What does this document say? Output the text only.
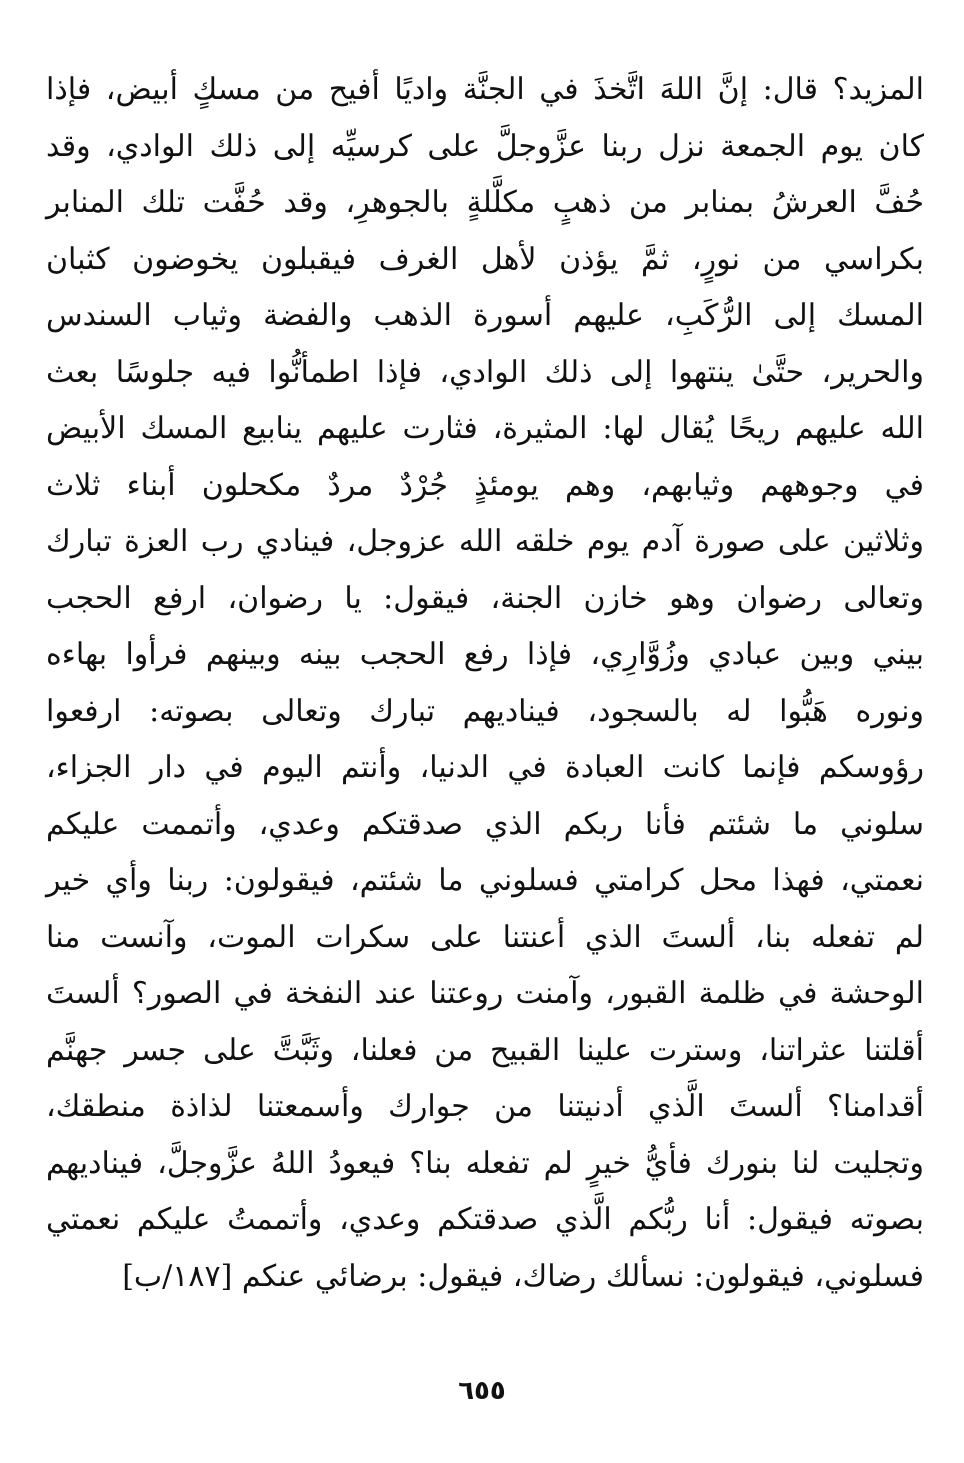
المزيد؟ قال: إنَّ اللهَ اتَّخذَ في الجنَّة واديًا أفيح من مسكٍ أبيض، فإذا
كان يوم الجمعة نزل ربنا عزَّوجلَّ على كرسيِّه إلى ذلك الوادي، وقد
حُفَّ العرشُ بمنابر من ذهبٍ مكلَّلةٍ بالجوهرِ، وقد حُفَّت تلك المنابر
بكراسي من نورٍ، ثمَّ يؤذن لأهل الغرف فيقبلون يخوضون كثبان
المسك إلى الرُّكَبِ، عليهم أسورة الذهب والفضة وثياب السندس
والحرير، حتَّىٰ ينتهوا إلى ذلك الوادي، فإذا اطمأنُّوا فيه جلوسًا بعث
الله عليهم ريحًا يُقال لها: المثيرة، فثارت عليهم ينابيع المسك الأبيض
في وجوههم وثيابهم، وهم يومئذٍ جُرْدٌ مردٌ مكحلون أبناء ثلاث
وثلاثين على صورة آدم يوم خلقه الله عزوجل، فينادي رب العزة تبارك
وتعالى رضوان وهو خازن الجنة، فيقول: يا رضوان، ارفع الحجب
بيني وبين عبادي وزُوَّارِي، فإذا رفع الحجب بينه وبينهم فرأوا بهاءه
ونوره هَبُّوا له بالسجود، فيناديهم تبارك وتعالى بصوته: ارفعوا
رؤوسكم فإنما كانت العبادة في الدنيا، وأنتم اليوم في دار الجزاء،
سلوني ما شئتم فأنا ربكم الذي صدقتكم وعدي، وأتممت عليكم
نعمتي، فهذا محل كرامتي فسلوني ما شئتم، فيقولون: ربنا وأي خير
لم تفعله بنا، ألستَ الذي أعنتنا على سكرات الموت، وآنست منا
الوحشة في ظلمة القبور، وآمنت روعتنا عند النفخة في الصور؟ ألستَ
أقلتنا عثراتنا، وسترت علينا القبيح من فعلنا، وثَبَّتَّ على جسر جهنَّم
أقدامنا؟ ألستَ الَّذي أدنيتنا من جوارك وأسمعتنا لذاذة منطقك،
وتجليت لنا بنورك فأيُّ خيرٍ لم تفعله بنا؟ فيعودُ اللهُ عزَّوجلَّ، فيناديهم
بصوته فيقول: أنا ربُّكم الَّذي صدقتكم وعدي، وأتممتُ عليكم نعمتي
فسلوني، فيقولون: نسألك رضاك، فيقول: برضائي عنكم [١٨٧/ب]
٦٥٥
